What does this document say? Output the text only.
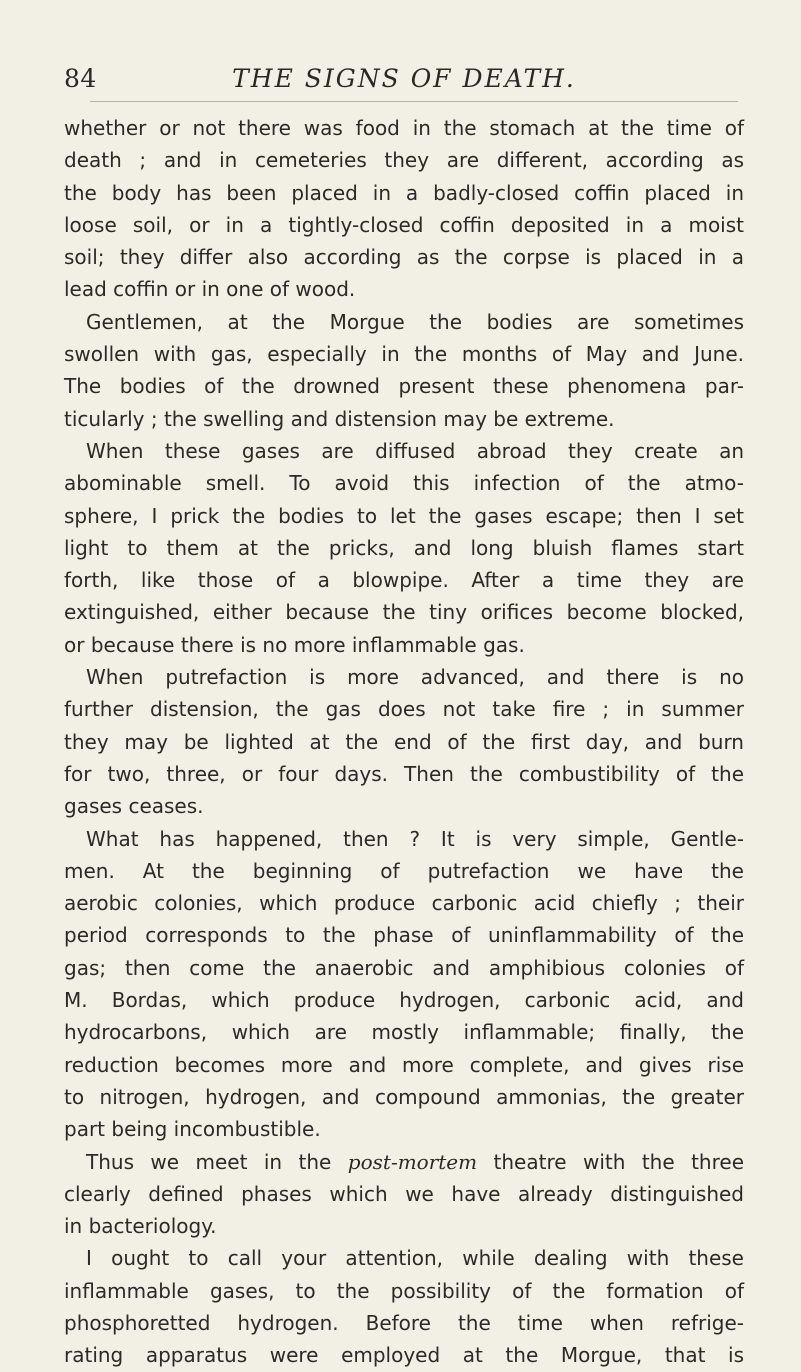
84	THE SIGNS OF DEATH.
whether or not there was food in the stomach at the time of
death ; and in cemeteries they are different, according as
the body has been placed in a badly-closed coffin placed in
loose soil, or in a tightly-closed coffin deposited in a moist
soil; they differ also according as the corpse is placed in a
lead coffin or in one of wood.
Gentlemen, at the Morgue the bodies are sometimes
swollen with gas, especially in the months of May and June.
The bodies of the drowned present these phenomena par-
ticularly ; the swelling and distension may be extreme.
When these gases are diffused abroad they create an
abominable smell. To avoid this infection of the atmo-
sphere, I prick the bodies to let the gases escape; then I set
light to them at the pricks, and long bluish flames start
forth, like those of a blowpipe. After a time they are
extinguished, either because the tiny orifices become blocked,
or because there is no more inflammable gas.
When putrefaction is more advanced, and there is no
further distension, the gas does not take fire ; in summer
they may be lighted at the end of the first day, and burn
for two, three, or four days. Then the combustibility of the
gases ceases.
What has happened, then ? It is very simple, Gentle-
men. At the beginning of putrefaction we have the
aerobic colonies, which produce carbonic acid chiefly ; their
period corresponds to the phase of uninflammability of the
gas; then come the anaerobic and amphibious colonies of
M. Bordas, which produce hydrogen, carbonic acid, and
hydrocarbons, which are mostly inflammable; finally, the
reduction becomes more and more complete, and gives rise
to nitrogen, hydrogen, and compound ammonias, the greater
part being incombustible.
Thus we meet in the post-mortem theatre with the three
clearly defined phases which we have already distinguished
in bacteriology.
I ought to call your attention, while dealing with these
inflammable gases, to the possibility of the formation of
phosphoretted hydrogen. Before the time when refrige-
rating apparatus were employed at the Morgue, that is
